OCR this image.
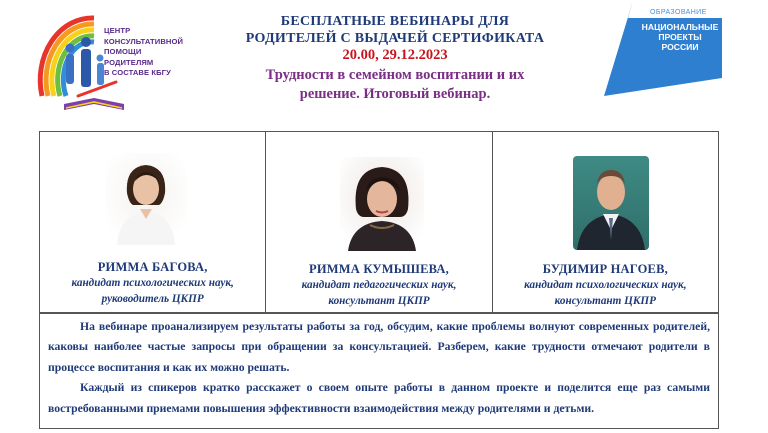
ЦЕНТР
КОНСУЛЬТАТИВНОЙ
ПОМОЩИ
РОДИТЕЛЯМ
В СОСТАВЕ КБГУ
БЕСПЛАТНЫЕ ВЕБИНАРЫ ДЛЯ
РОДИТЕЛЕЙ С ВЫДАЧЕЙ СЕРТИФИКАТА
20.00, 29.12.2023
Трудности в семейном воспитании и их
решение. Итоговый вебинар.
ОБРАЗОВАНИЕ
НАЦИОНАЛЬНЫЕ
ПРОЕКТЫ
РОССИИ
РИММА БАГОВА,
кандидат психологических наук,
руководитель ЦКПР
РИММА КУМЫШЕВА,
кандидат педагогических наук,
консультант ЦКПР
БУДИМИР НАГОЕВ,
кандидат психологических наук,
консультант ЦКПР

На вебинаре проанализируем результаты работы за год, обсудим, какие проблемы волнуют современных родителей, каковы наиболее частые запросы при обращении за консультацией. Разберем, какие трудности отмечают родители в процессе воспитания и как их можно решать.

Каждый из спикеров кратко расскажет о своем опыте работы в данном проекте и поделится еще раз самыми востребованными приемами повышения эффективности взаимодействия между родителями и детьми.
